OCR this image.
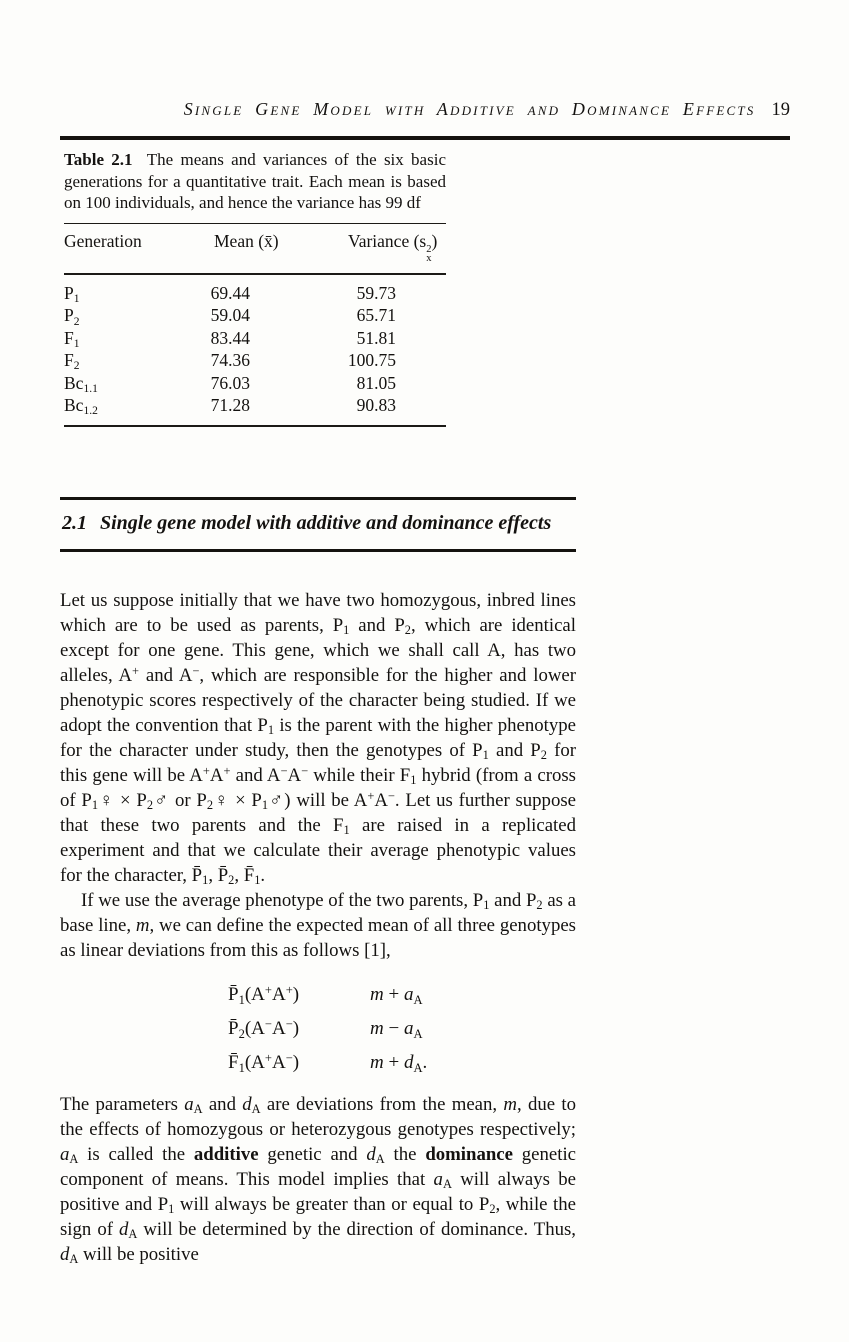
Single Gene Model with Additive and Dominance Effects 19
Table 2.1  The means and variances of the six basic generations for a quantitative trait. Each mean is based on 100 individuals, and hence the variance has 99 df
Generation	Mean (x̄)	Variance (s 2
x
)
$P_1$	69.44	59.73
$P_2$	59.04	65.71
$F_1$	83.44	51.81
$F_2$	74.36	100.75
$Bc_{1.1}$	76.03	81.05
$Bc_{1.2}$	71.28	90.83
2.1 Single gene model with additive and dominance effects

Let us suppose initially that we have two homozygous, inbred lines which are to be used as parents, $P_1$ and $P_2$, which are identical except for one gene. This gene, which we shall call A, has two alleles, A+ and A−, which are responsible for the higher and lower phenotypic scores respectively of the character being studied. If we adopt the convention that $P_1$ is the parent with the higher phenotype for the character under study, then the genotypes of $P_1$ and $P_2$ for this gene will be A+A+ and A−A− while their $F_1$ hybrid (from a cross of $P_1♀$ × $P_2♂$ or $P_2♀$ × $P_1♂$) will be A+A−. Let us further suppose that these two parents and the $F_1$ are raised in a replicated experiment and that we calculate their average phenotypic values for the character, $P̄_1$, $P̄_2$, $F̄_1$.

If we use the average phenotype of the two parents, $P_1$ and $P_2$ as a base line, m, we can define the expected mean of all three genotypes as linear deviations from this as follows [1],

$P̄_1(A^+A^+)$	$m + a_A$
$P̄_2(A^-A^-)$	$m - a_A$
$F̄_1(A^+A^-)$	$m + d_A$.

The parameters $a_A$ and $d_A$ are deviations from the mean, m, due to the effects of homozygous or heterozygous genotypes respectively; $a_A$ is called the additive genetic and $d_A$ the dominance genetic component of means. This model implies that $a_A$ will always be positive and $P_1$ will always be greater than or equal to $P_2$, while the sign of $d_A$ will be determined by the direction of dominance. Thus, $d_A$ will be positive
